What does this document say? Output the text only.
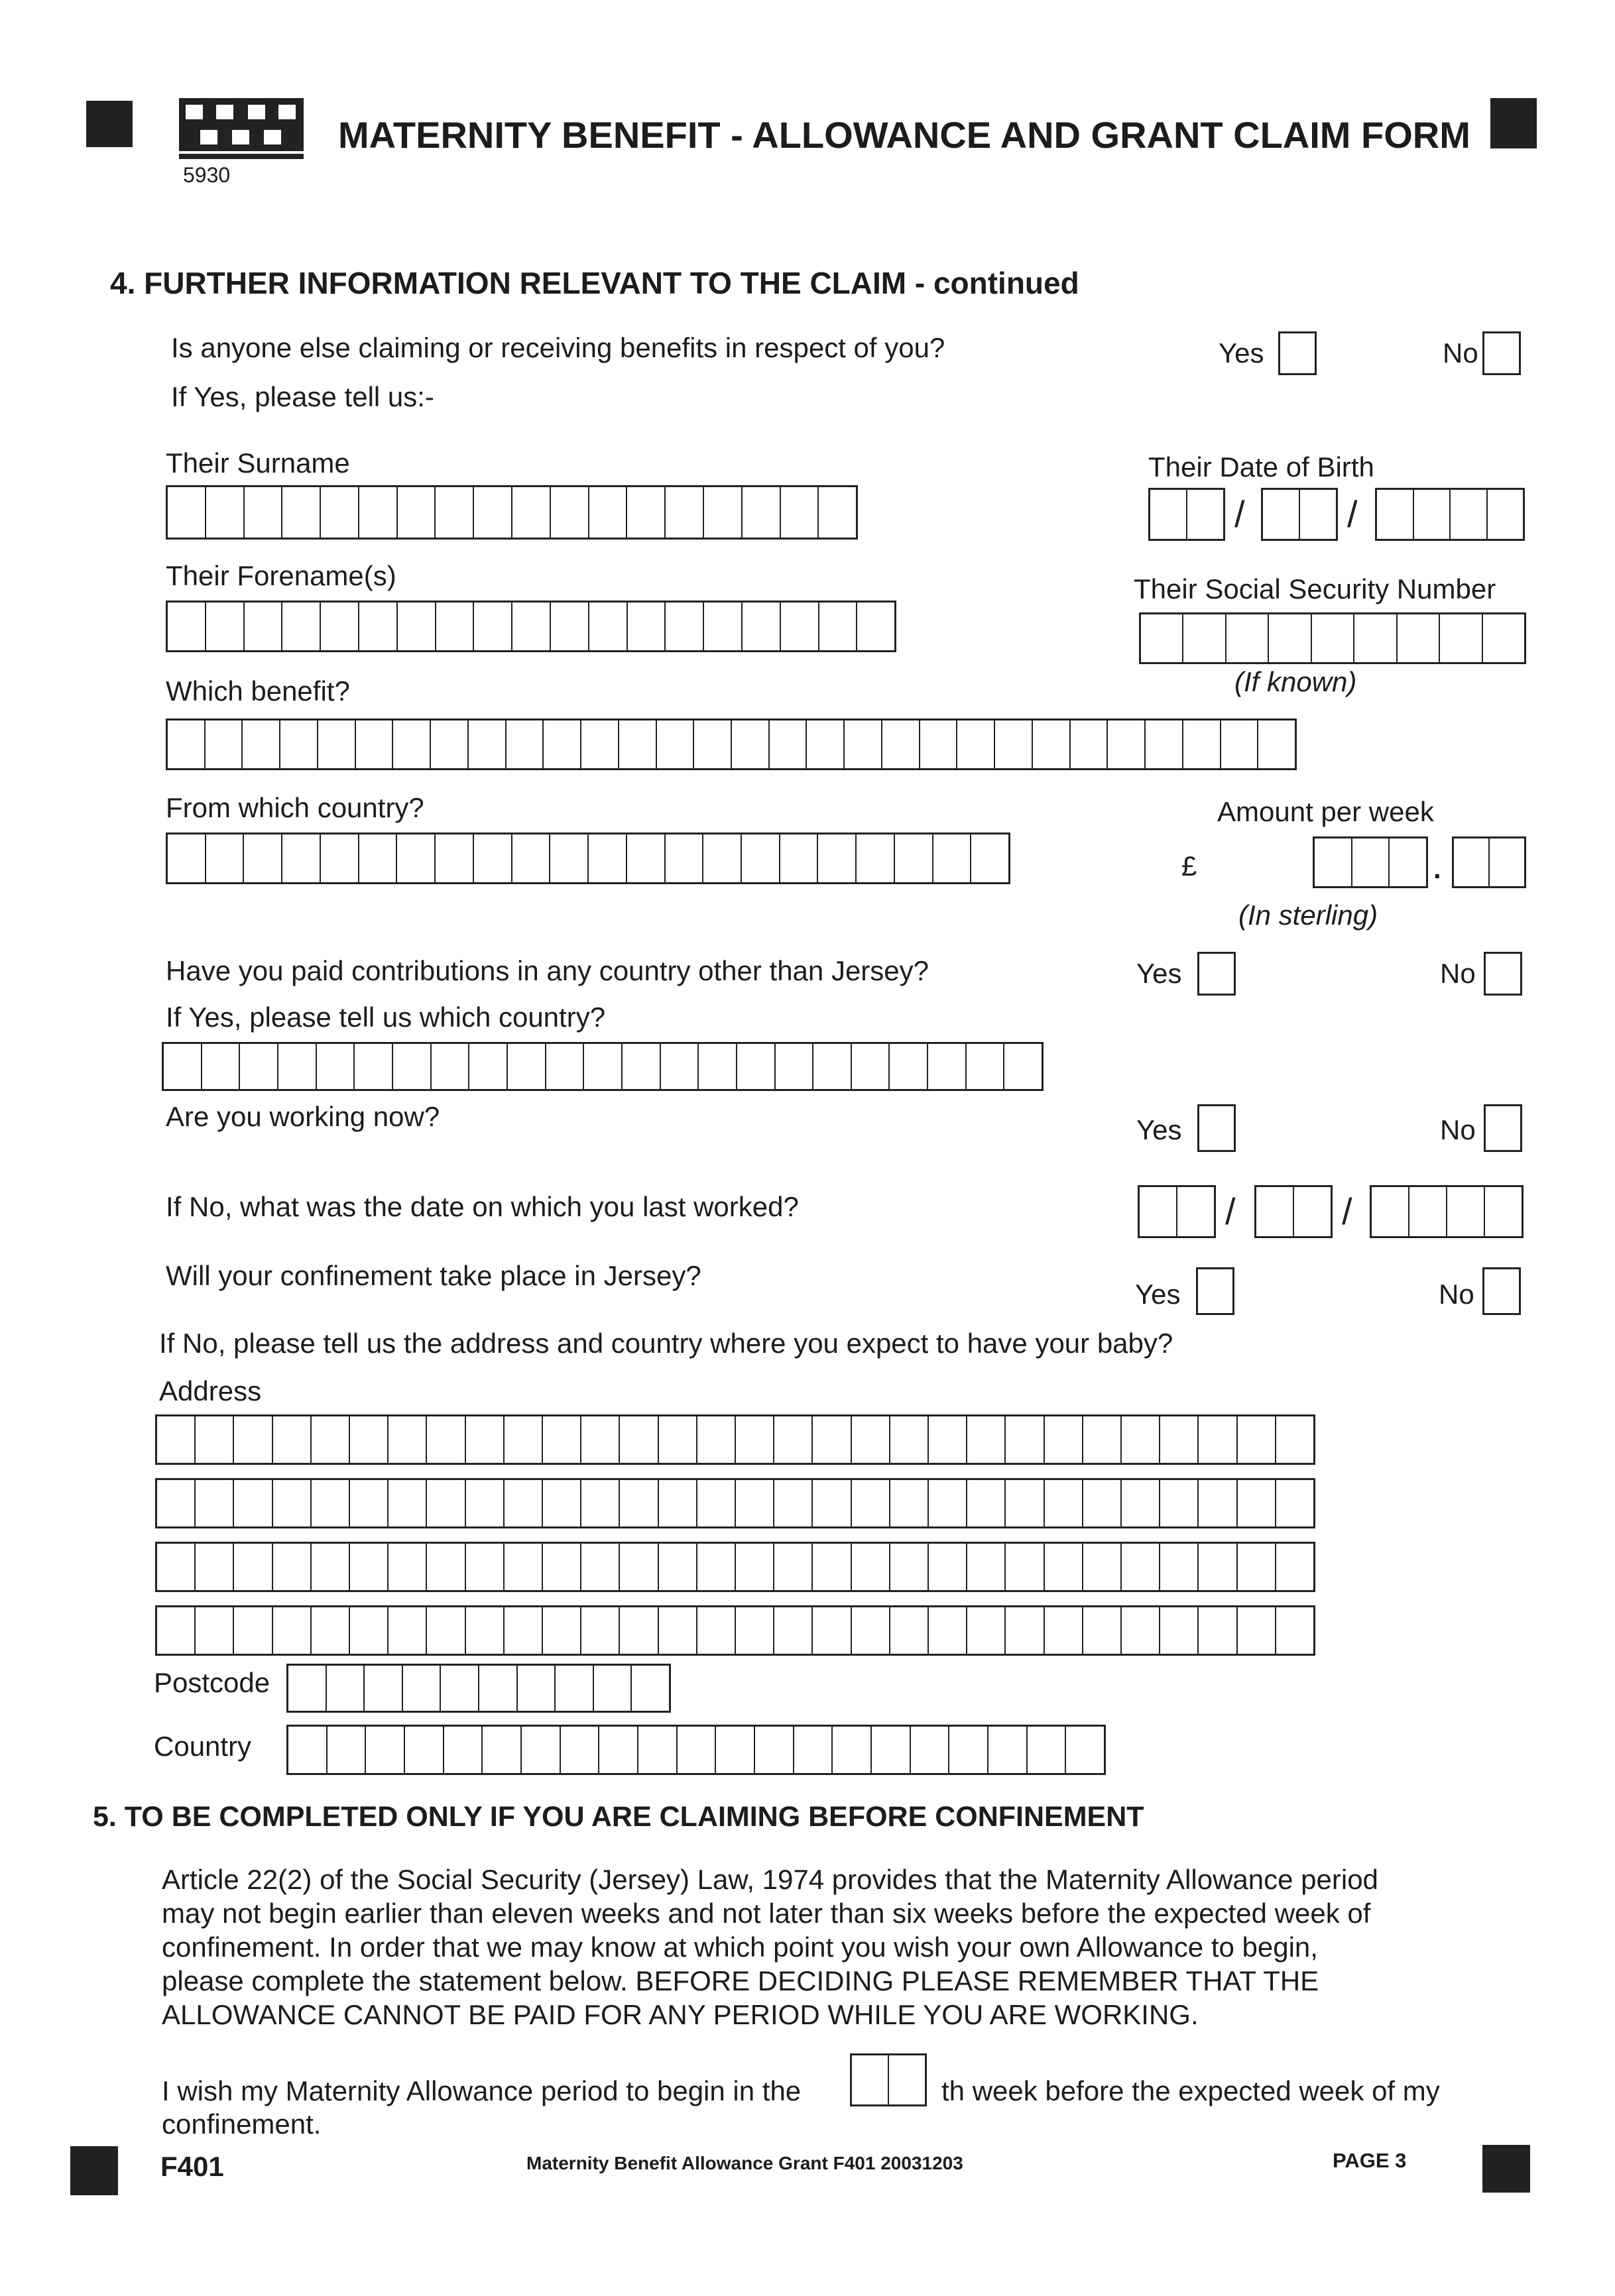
5930
MATERNITY BENEFIT - ALLOWANCE AND GRANT CLAIM FORM
4. FURTHER INFORMATION RELEVANT TO THE CLAIM - continued
Is anyone else claiming or receiving benefits in respect of you?	Yes	No
If Yes, please tell us:-
Their Surname	Their Date of Birth
/	/
Their Forename(s)	Their Social Security Number
(If known)
Which benefit?
From which country?	Amount per week
£	.
(In sterling)
Have you paid contributions in any country other than Jersey?	Yes	No
If Yes, please tell us which country?
Are you working now?	Yes	No
If No, what was the date on which you last worked?	/	/
Will your confinement take place in Jersey?
Yes	No
If No, please tell us the address and country where you expect to have your baby?
Address
Postcode
Country
5. TO BE COMPLETED ONLY IF YOU ARE CLAIMING BEFORE CONFINEMENT
Article 22(2) of the Social Security (Jersey) Law, 1974 provides that the Maternity Allowance period
may not begin earlier than eleven weeks and not later than six weeks before the expected week of
confinement. In order that we may know at which point you wish your own Allowance to begin,
please complete the statement below. BEFORE DECIDING PLEASE REMEMBER THAT THE
ALLOWANCE CANNOT BE PAID FOR ANY PERIOD WHILE YOU ARE WORKING.
I wish my Maternity Allowance period to begin in the	th week before the expected week of my
confinement.
F401	Maternity Benefit Allowance Grant F401 20031203	PAGE 3
